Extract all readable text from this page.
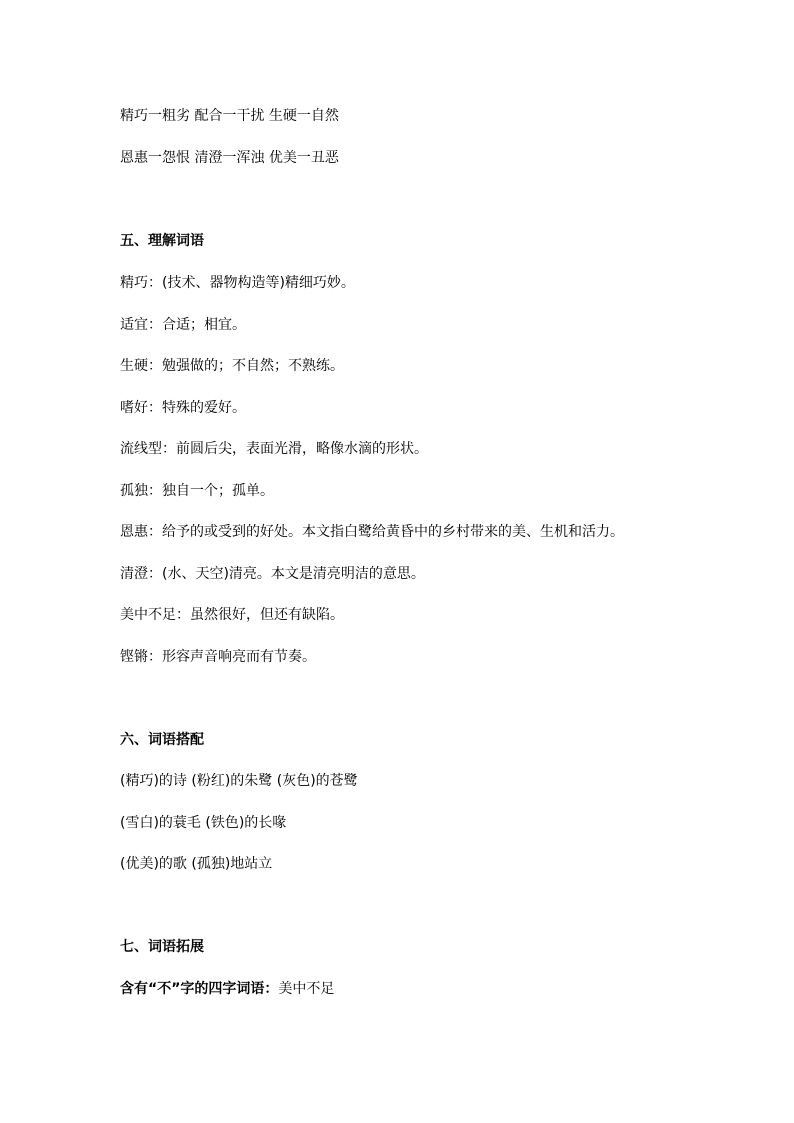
精巧一粗劣 配合一干扰 生硬一自然
恩惠一怨恨 清澄一浑浊 优美一丑恶
五、理解词语
精巧：(技术、器物构造等)精细巧妙。
适宜：合适；相宜。
生硬：勉强做的；不自然；不熟练。
嗜好：特殊的爱好。
流线型：前圆后尖，表面光滑，略像水滴的形状。
孤独：独自一个；孤单。
恩惠：给予的或受到的好处。本文指白鹭给黄昏中的乡村带来的美、生机和活力。
清澄：(水、天空)清亮。本文是清亮明洁的意思。
美中不足：虽然很好，但还有缺陷。
铿锵：形容声音响亮而有节奏。
六、词语搭配
(精巧)的诗 (粉红)的朱鹭 (灰色)的苍鹭
(雪白)的蓑毛 (铁色)的长喙
(优美)的歌 (孤独)地站立
七、词语拓展
含有“不”字的四字词语：美中不足
